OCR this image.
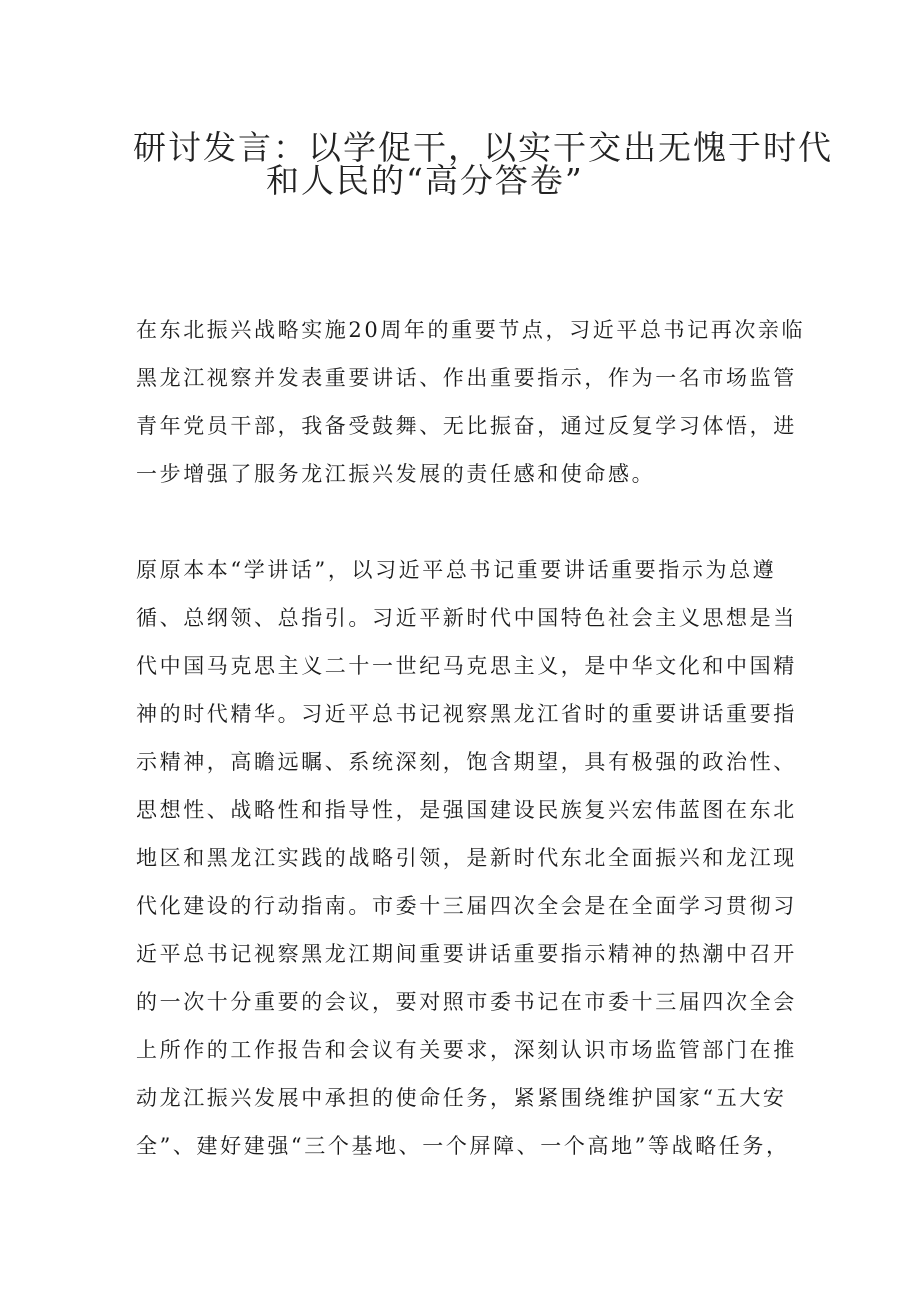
研讨发言：以学促干，以实干交出无愧于时代
和人民的“高分答卷”
在东北振兴战略实施20周年的重要节点，习近平总书记再次亲临
黑龙江视察并发表重要讲话、作出重要指示，作为一名市场监管
青年党员干部，我备受鼓舞、无比振奋，通过反复学习体悟，进
一步增强了服务龙江振兴发展的责任感和使命感。
原原本本“学讲话”，以习近平总书记重要讲话重要指示为总遵
循、总纲领、总指引。习近平新时代中国特色社会主义思想是当
代中国马克思主义二十一世纪马克思主义，是中华文化和中国精
神的时代精华。习近平总书记视察黑龙江省时的重要讲话重要指
示精神，高瞻远瞩、系统深刻，饱含期望，具有极强的政治性、
思想性、战略性和指导性，是强国建设民族复兴宏伟蓝图在东北
地区和黑龙江实践的战略引领，是新时代东北全面振兴和龙江现
代化建设的行动指南。市委十三届四次全会是在全面学习贯彻习
近平总书记视察黑龙江期间重要讲话重要指示精神的热潮中召开
的一次十分重要的会议，要对照市委书记在市委十三届四次全会
上所作的工作报告和会议有关要求，深刻认识市场监管部门在推
动龙江振兴发展中承担的使命任务，紧紧围绕维护国家“五大安
全”、建好建强“三个基地、一个屏障、一个高地”等战略任务，
